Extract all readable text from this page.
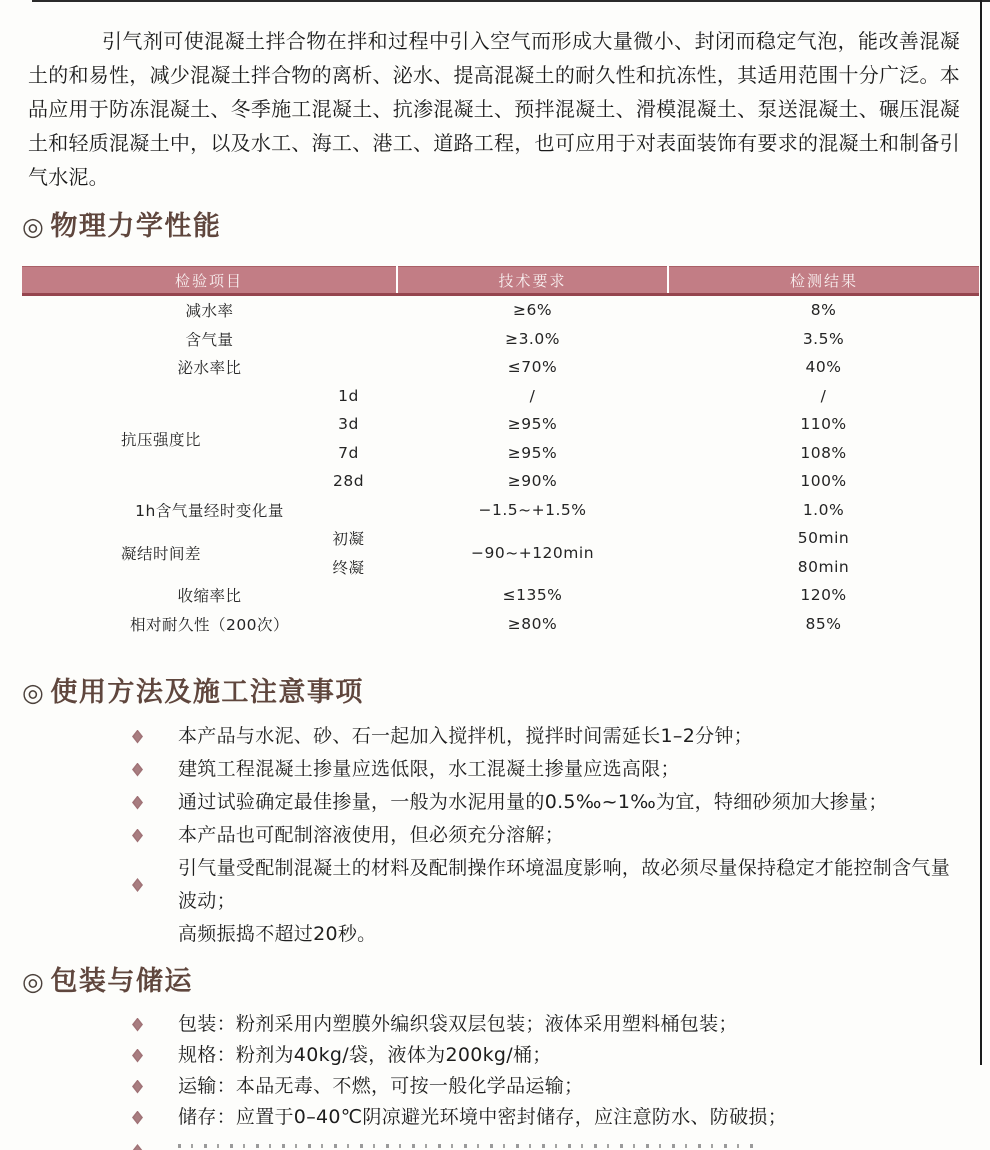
引气剂可使混凝土拌合物在拌和过程中引入空气而形成大量微小、封闭而稳定气泡，能改善混凝土的和易性，减少混凝土拌合物的离析、泌水、提高混凝土的耐久性和抗冻性，其适用范围十分广泛。本品应用于防冻混凝土、冬季施工混凝土、抗渗混凝土、预拌混凝土、滑模混凝土、泵送混凝土、碾压混凝土和轻质混凝土中，以及水工、海工、港工、道路工程，也可应用于对表面装饰有要求的混凝土和制备引气水泥。

◎ 物理力学性能
检验项目		技术要求	检测结果
减水率		≥6%	8%
含气量		≥3.0%	3.5%
泌水率比		≤70%	40%
抗压强度比	1d	/	/
	3d	≥95%	110%
	7d	≥95%	108%
	28d	≥90%	100%
1h含气量经时变化量		−1.5~+1.5%	1.0%
凝结时间差	初凝	−90~+120min	50min
	终凝		80min
收缩率比		≤135%	120%
相对耐久性（200次）		≥80%	85%
◎ 使用方法及施工注意事项
本产品与水泥、砂、石一起加入搅拌机，搅拌时间需延长1–2分钟；
建筑工程混凝土掺量应选低限，水工混凝土掺量应选高限；
通过试验确定最佳掺量，一般为水泥用量的0.5‰~1‰为宜，特细砂须加大掺量；
本产品也可配制溶液使用，但必须充分溶解；
引气量受配制混凝土的材料及配制操作环境温度影响，故必须尽量保持稳定才能控制含气量波动；
高频振捣不超过20秒。
◎ 包装与储运
包装：粉剂采用内塑膜外编织袋双层包装；液体采用塑料桶包装；
规格：粉剂为40kg/袋，液体为200kg/桶；
运输：本品无毒、不燃，可按一般化学品运输；
储存：应置于0–40℃阴凉避光环境中密封储存，应注意防水、防破损；
